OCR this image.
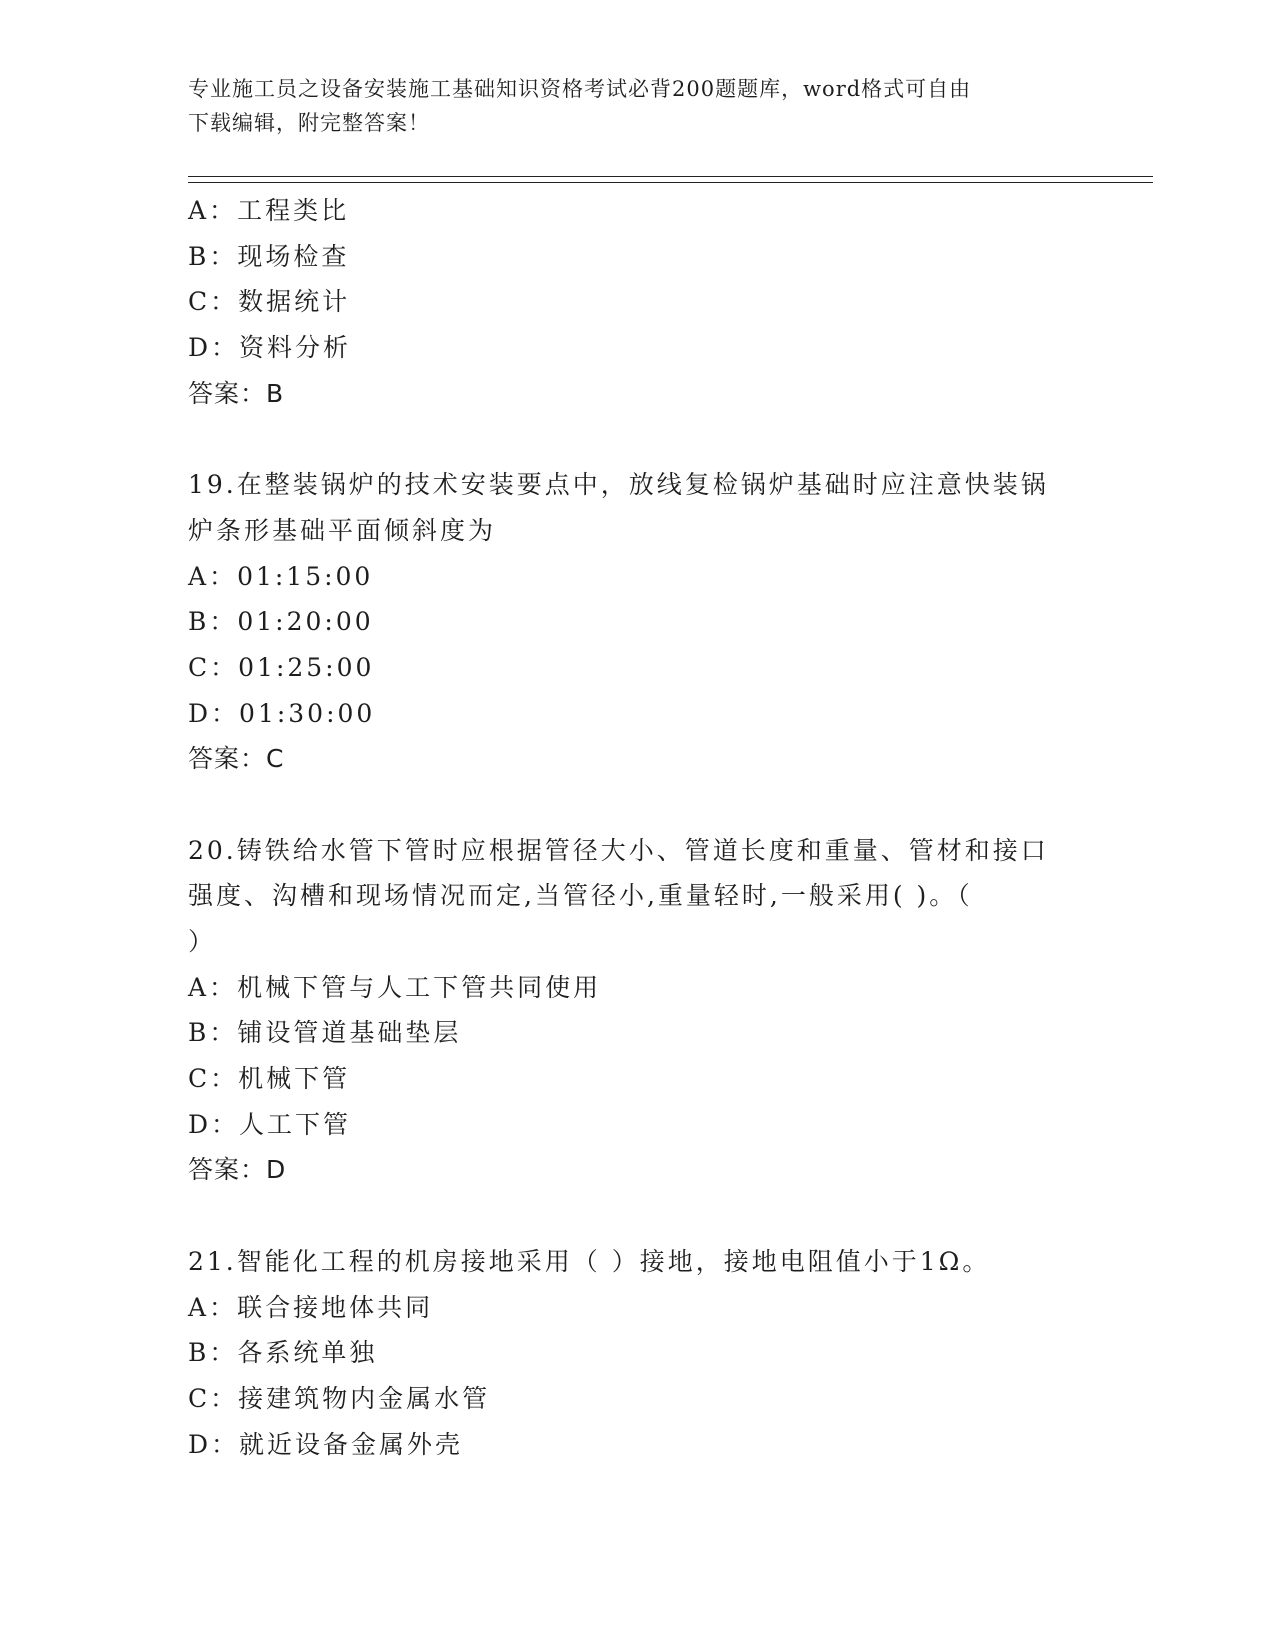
专业施工员之设备安装施工基础知识资格考试必背200题题库，word格式可自由
下载编辑，附完整答案！
A：工程类比
B：现场检查
C：数据统计
D：资料分析
答案：B
19.在整装锅炉的技术安装要点中，放线复检锅炉基础时应注意快装锅
炉条形基础平面倾斜度为
A：01:15:00
B：01:20:00
C：01:25:00
D：01:30:00
答案：C
20.铸铁给水管下管时应根据管径大小、管道长度和重量、管材和接口
强度、沟槽和现场情况而定,当管径小,重量轻时,一般采用( )。（
）
A：机械下管与人工下管共同使用
B：铺设管道基础垫层
C：机械下管
D：人工下管
答案：D
21.智能化工程的机房接地采用（ ）接地，接地电阻值小于1Ω。
A：联合接地体共同
B：各系统单独
C：接建筑物内金属水管
D：就近设备金属外壳
